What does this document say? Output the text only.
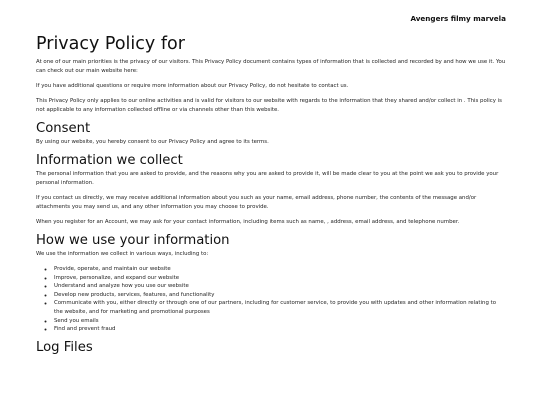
Avengers filmy marvela
Privacy Policy for

At one of our main priorities is the privacy of our visitors. This Privacy Policy document contains types of information that is collected and recorded by and how we use it. You can check out our main website here:

If you have additional questions or require more information about our Privacy Policy, do not hesitate to contact us.

This Privacy Policy only applies to our online activities and is valid for visitors to our website with regards to the information that they shared and/or collect in . This policy is not applicable to any information collected offline or via channels other than this website.

Consent

By using our website, you hereby consent to our Privacy Policy and agree to its terms.

Information we collect

The personal information that you are asked to provide, and the reasons why you are asked to provide it, will be made clear to you at the point we ask you to provide your personal information.

If you contact us directly, we may receive additional information about you such as your name, email address, phone number, the contents of the message and/or attachments you may send us, and any other information you may choose to provide.

When you register for an Account, we may ask for your contact information, including items such as name, , address, email address, and telephone number.

How we use your information

We use the information we collect in various ways, including to:

◦ Provide, operate, and maintain our website
◦ Improve, personalize, and expand our website
◦ Understand and analyze how you use our website
◦ Develop new products, services, features, and functionality
◦ Communicate with you, either directly or through one of our partners, including for customer service, to provide you with updates and other information relating to the website, and for marketing and promotional purposes
◦ Send you emails
◦ Find and prevent fraud
Log Files
